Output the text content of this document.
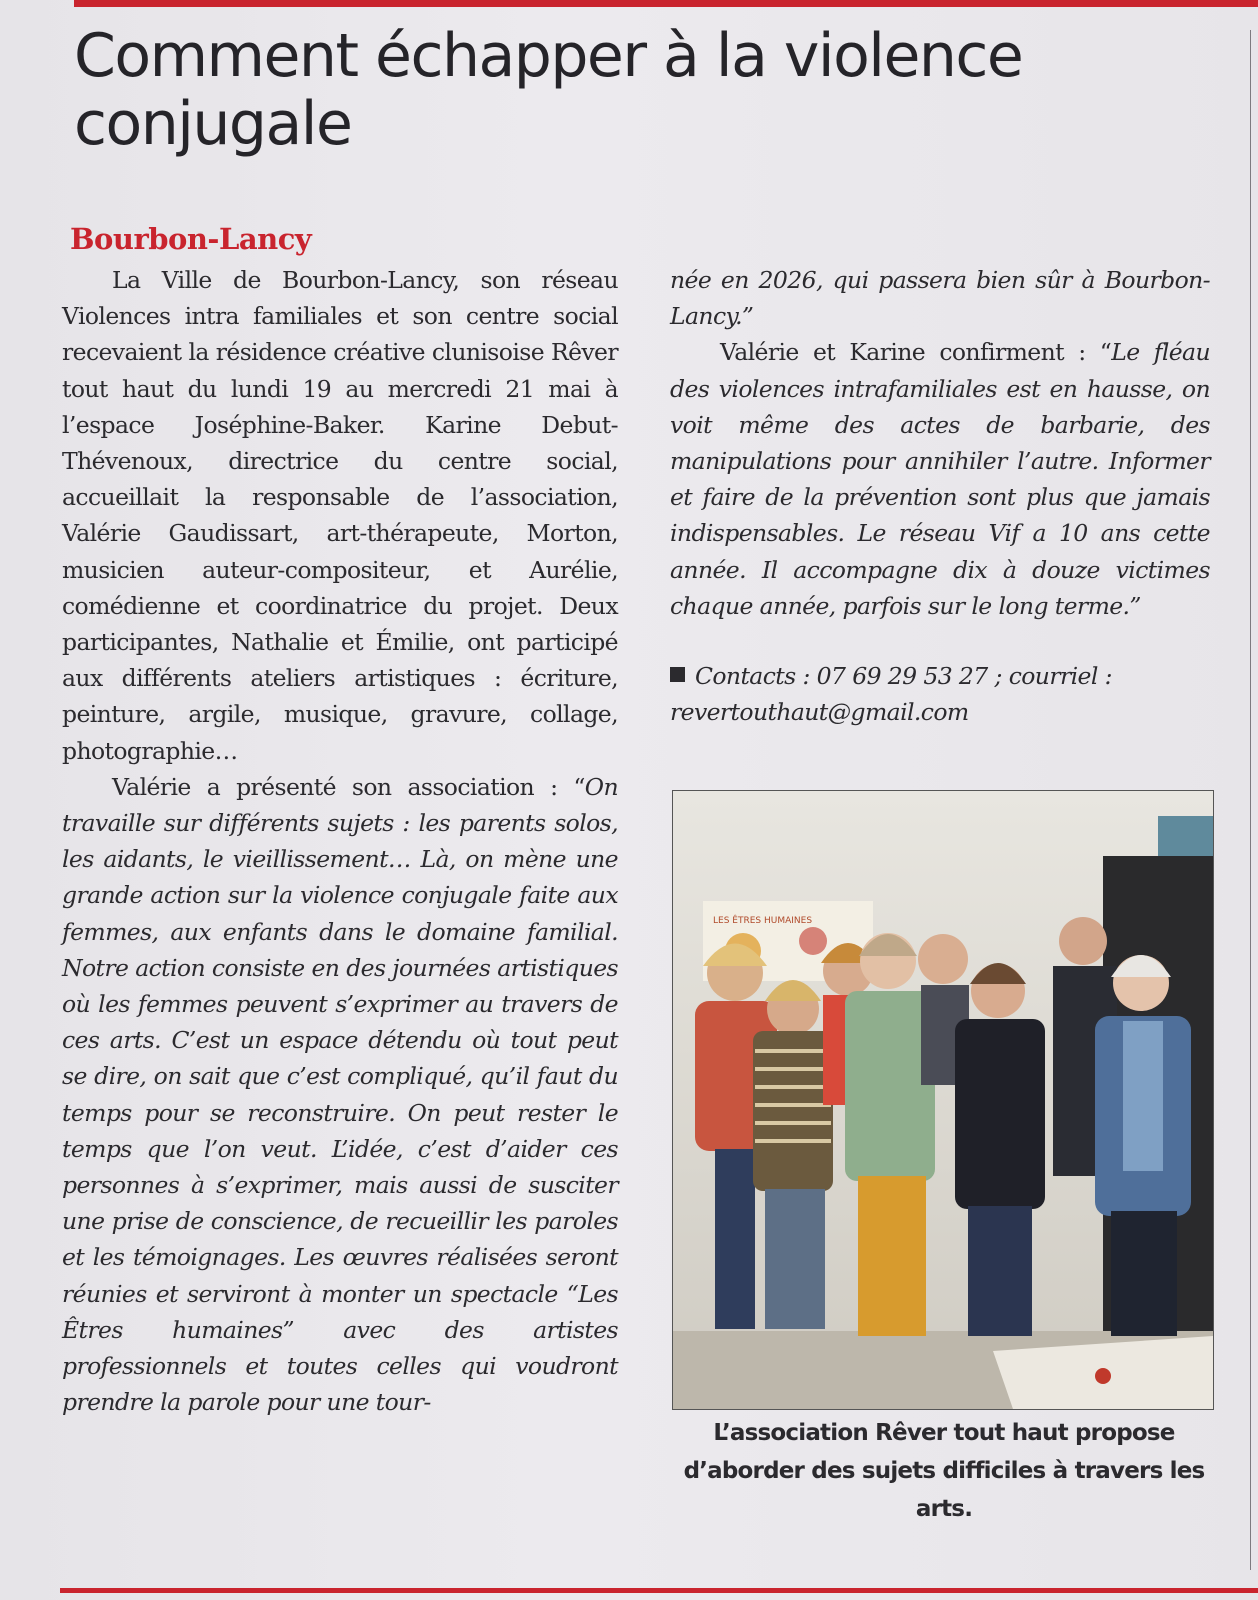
Comment échapper à la violence conjugale
Bourbon-Lancy

La Ville de Bourbon-Lancy, son réseau Violences intra familiales et son centre social recevaient la résidence créative clunisoise Rêver tout haut du lundi 19 au mercredi 21 mai à l’espace Joséphine-Baker. Karine Debut-Thévenoux, directrice du centre social, accueillait la responsable de l’association, Valérie Gaudissart, art-thérapeute, Morton, musicien auteur-compositeur, et Aurélie, comédienne et coordinatrice du projet. Deux participantes, Nathalie et Émilie, ont participé aux différents ateliers artistiques : écriture, peinture, argile, musique, gravure, collage, photographie…

Valérie a présenté son association : “On travaille sur différents sujets : les parents solos, les aidants, le vieillissement… Là, on mène une grande action sur la violence conjugale faite aux femmes, aux enfants dans le domaine familial. Notre action consiste en des journées artistiques où les femmes peuvent s’exprimer au travers de ces arts. C’est un espace détendu où tout peut se dire, on sait que c’est compliqué, qu’il faut du temps pour se reconstruire. On peut rester le temps que l’on veut. L’idée, c’est d’aider ces personnes à s’exprimer, mais aussi de susciter une prise de conscience, de recueillir les paroles et les témoignages. Les œuvres réalisées seront réunies et serviront à monter un spectacle “Les Êtres humaines” avec des artistes professionnels et toutes celles qui voudront prendre la parole pour une tour-

née en 2026, qui passera bien sûr à Bourbon-Lancy.”

Valérie et Karine confirment : “Le fléau des violences intrafamiliales est en hausse, on voit même des actes de barbarie, des manipulations pour annihiler l’autre. Informer et faire de la prévention sont plus que jamais indispensables. Le réseau Vif a 10 ans cette année. Il accompagne dix à douze victimes chaque année, parfois sur le long terme.”

Contacts : 07 69 29 53 27 ; courriel : revertouthaut@gmail.com

LES ÊTRES HUMAINES
L’association Rêver tout haut propose d’aborder des sujets difficiles à travers les arts.
